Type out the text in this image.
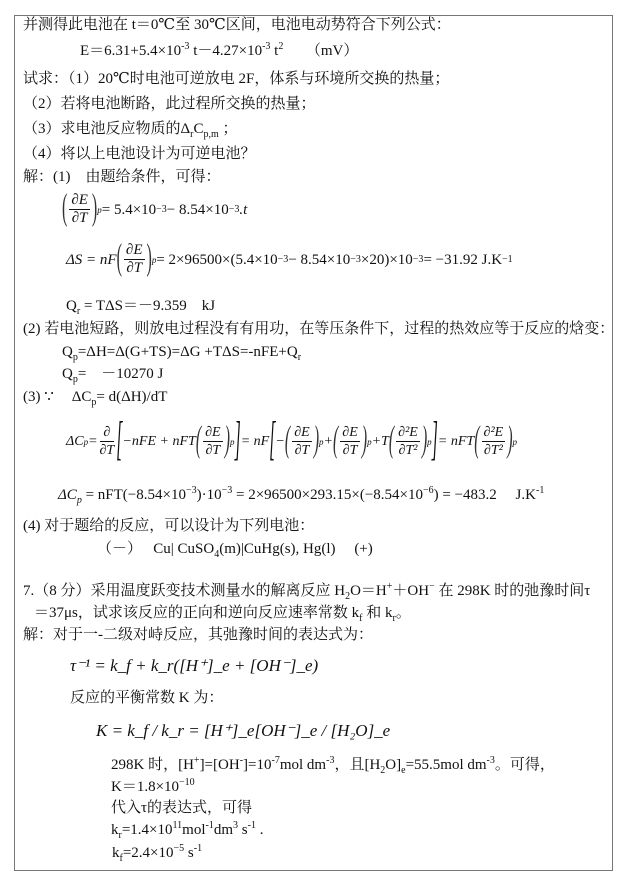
并测得此电池在 t＝0℃至 30℃区间，电池电动势符合下列公式：
$E=6.31+5.4\times 10^{-3}$ $t-4.27\times 10^{-3}$ $t^2$　　 （mV）
试求：（1）20℃时电池可逆放电 2F，体系与环境所交换的热量；
（2）若将电池断路，此过程所交换的热量；
（3）求电池反应物质的$\Delta_rC_{p,m}$ ；
（4）将以上电池设计为可逆电池？
解：(1)　由题给条件，可得：
( $\frac{\partial E}{\partial T}$ ) p = 5.4×10 −3 − 8.54×10 −3 .t
ΔS = nF ( $\frac{\partial E}{\partial T}$ ) p = 2×96500×(5.4×10 −3 − 8.54×10 −3 ×20)×10 −3 = −31.92 J.K −1
$Q_r = T\Delta S=-9.359$　kJ
(2) 若电池短路，则放电过程没有有用功，在等压条件下，过程的热效应等于反应的焓变：
$Q_p=\Delta H=\Delta(G+TS)=\Delta G +T\Delta S=-nFE+Q_r$
$Q_p=$　－10270 J
(3) ∵　 $\Delta C_p= d(\Delta H)/dT$
ΔC $p = \frac{\partial}{\partial T}$ [ −nFE + nFT ( $\frac{\partial E}{\partial T}$ ) p ] = nF [ − ( $\frac{\partial E}{\partial T}$ ) p + ( $\frac{\partial E}{\partial T}$ ) p +T ( $\frac{\text{∂²E}}{\text{∂T²}}$ ) p ] = nFT ( $\frac{\text{∂²E}}{\text{∂T²}}$ ) p
$\Delta C_p = nFT(-8.54\times 10^{-3})\cdot 10^{-3} = 2\times 96500\times 293.15\times(-8.54\times 10^{-6}) = -483.2$　 $J.K^{-1}$
(4) 对于题给的反应，可以设计为下列电池：
（－）　 Cu| CuSO$_4$(m)|CuHg(s), Hg(l)　 (+)
7.（8 分）采用温度跃变技术测量水的解离反应 $H_2O=H^++OH^-$ 在 298K 时的弛豫时间τ
＝37μs，试求该反应的正向和逆向反应速率常数 $k_f$ 和 $k_r$。
解：对于一-二级对峙反应，其弛豫时间的表达式为：
τ⁻¹ = k_f + k_r([H⁺]_e + [OH⁻]_e)
反应的平衡常数 K 为：
K = k_f / k_r = [H⁺]_e[OH⁻]_e / [H₂O]_e
298K 时，$[H^+]=[OH^-]=10^{-7}mol$ $dm^{-3}$，且$[H_2O]_e=55.5mol$ $dm^{-3}$。可得，
$K=1.8\times 10^{-10}$
代入τ的表达式，可得
$k_r=1.4\times 10^{11}mol^{-1}dm^3$ $s^{-1}$ .
$k_f=2.4\times 10^{-5}$ $s^{-1}$
